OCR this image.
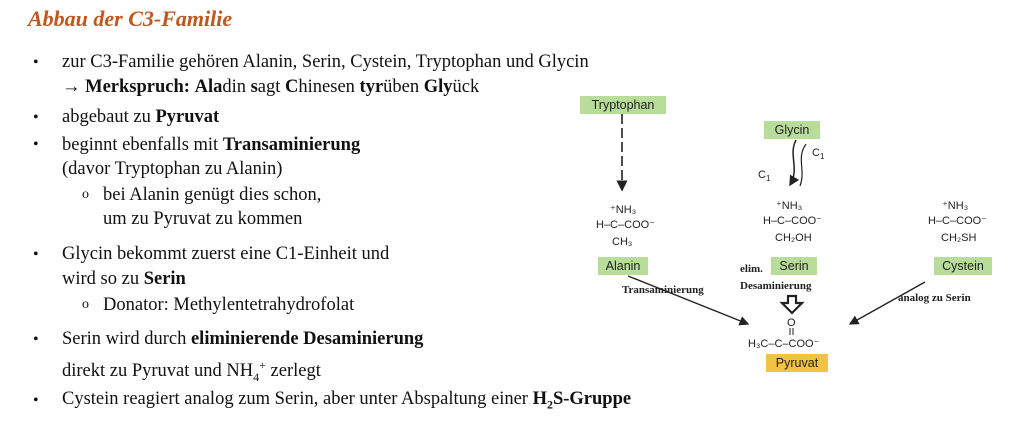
Abbau der C3-Familie
• zur C3-Familie gehören Alanin, Serin, Cystein, Tryptophan und Glycin
→ Merkspruch: Aladin sagt Chinesen tyrüben Glyück
• abgebaut zu Pyruvat
• beginnt ebenfalls mit Transaminierung
(davor Tryptophan zu Alanin)
o bei Alanin genügt dies schon,
um zu Pyruvat zu kommen
• Glycin bekommt zuerst eine C1-Einheit und
wird so zu Serin
o Donator: Methylentetrahydrofolat
• Serin wird durch eliminierende Desaminierung
direkt zu Pyruvat und $NH_4^+$ zerlegt
• Cystein reagiert analog zum Serin, aber unter Abspaltung einer $H_2S$-Gruppe
Tryptophan
Glycin
Alanin	Serin	Cystein
Pyruvat
$C_1$
$C_1$
⁺NH₃
H–C–COO⁻
CH₃
⁺NH₃
H–C–COO⁻
CH₂OH
⁺NH₃
H–C–COO⁻
CH₂SH
O
H₃C–C–COO⁻
Transaminierung
elim.
Desaminierung
analog zu Serin
